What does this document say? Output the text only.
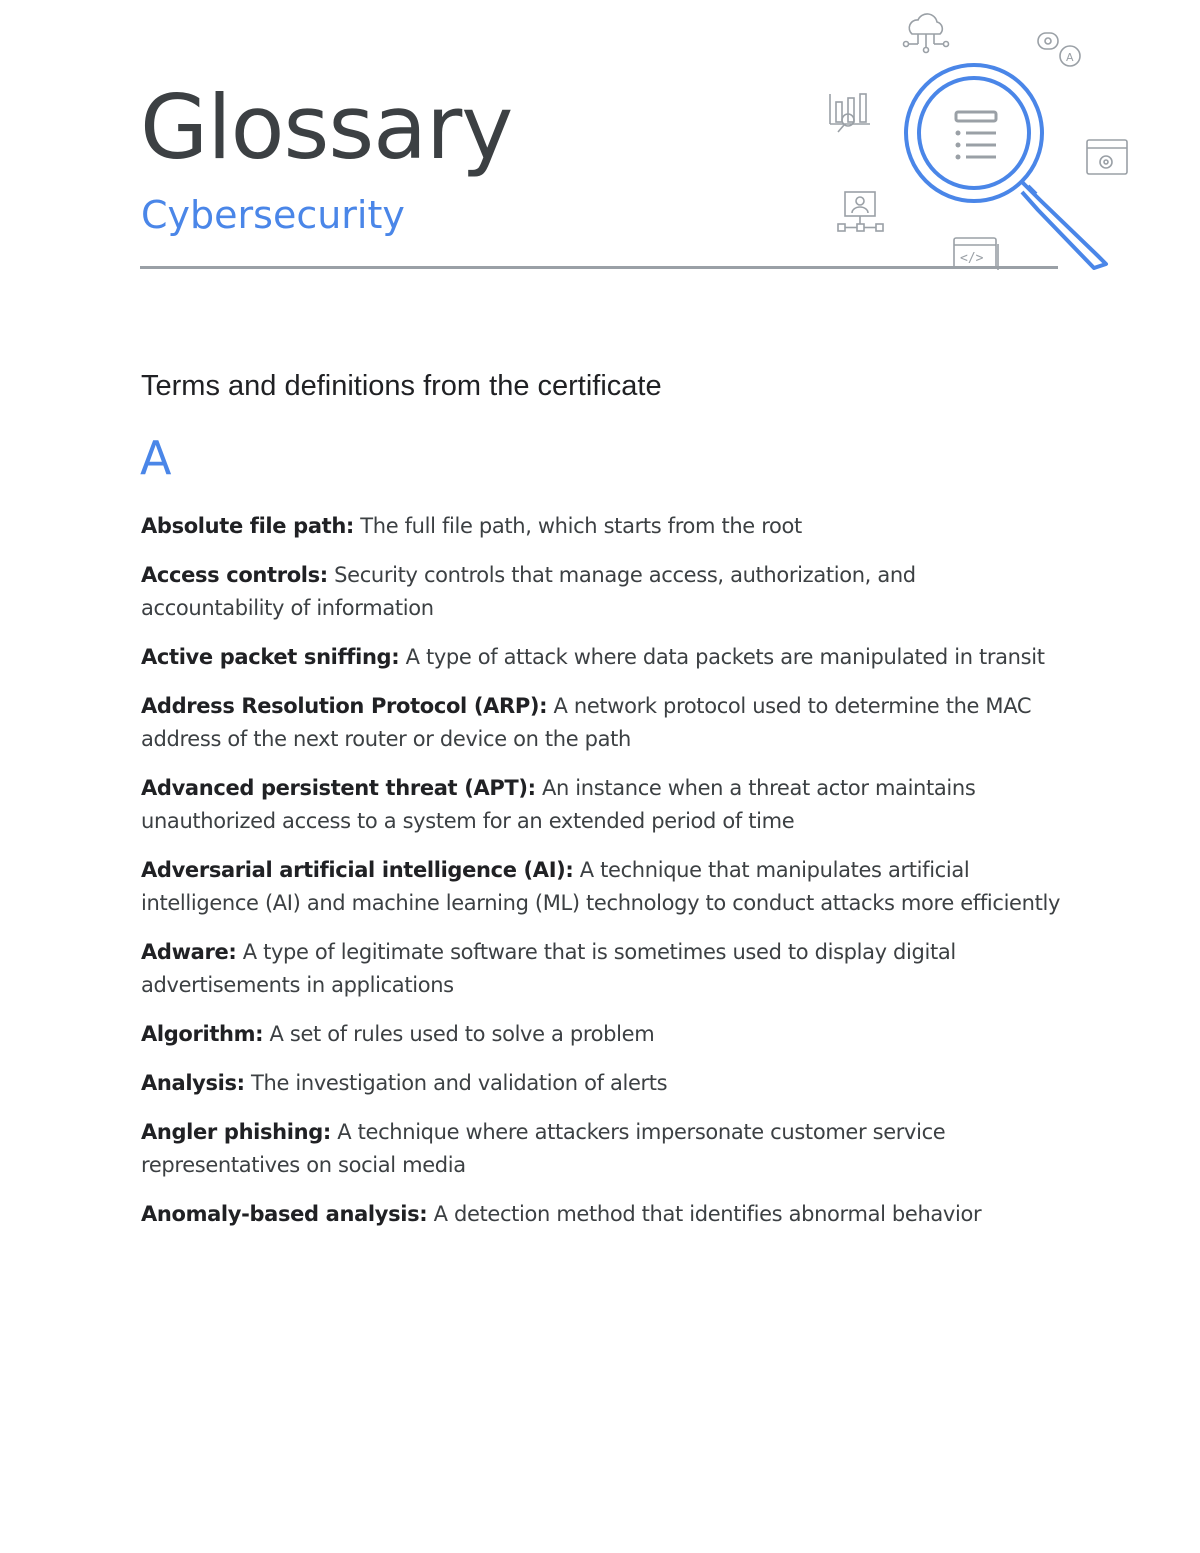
Glossary
Cybersecurity
A
</>
Terms and definitions from the certificate
A
Absolute file path: The full file path, which starts from the root
Access controls: Security controls that manage access, authorization, and accountability of information
Active packet sniffing: A type of attack where data packets are manipulated in transit
Address Resolution Protocol (ARP): A network protocol used to determine the MAC address of the next router or device on the path
Advanced persistent threat (APT): An instance when a threat actor maintains unauthorized access to a system for an extended period of time
Adversarial artificial intelligence (AI): A technique that manipulates artificial intelligence (AI) and machine learning (ML) technology to conduct attacks more efficiently
Adware: A type of legitimate software that is sometimes used to display digital advertisements in applications
Algorithm: A set of rules used to solve a problem
Analysis: The investigation and validation of alerts
Angler phishing: A technique where attackers impersonate customer service representatives on social media
Anomaly-based analysis: A detection method that identifies abnormal behavior
